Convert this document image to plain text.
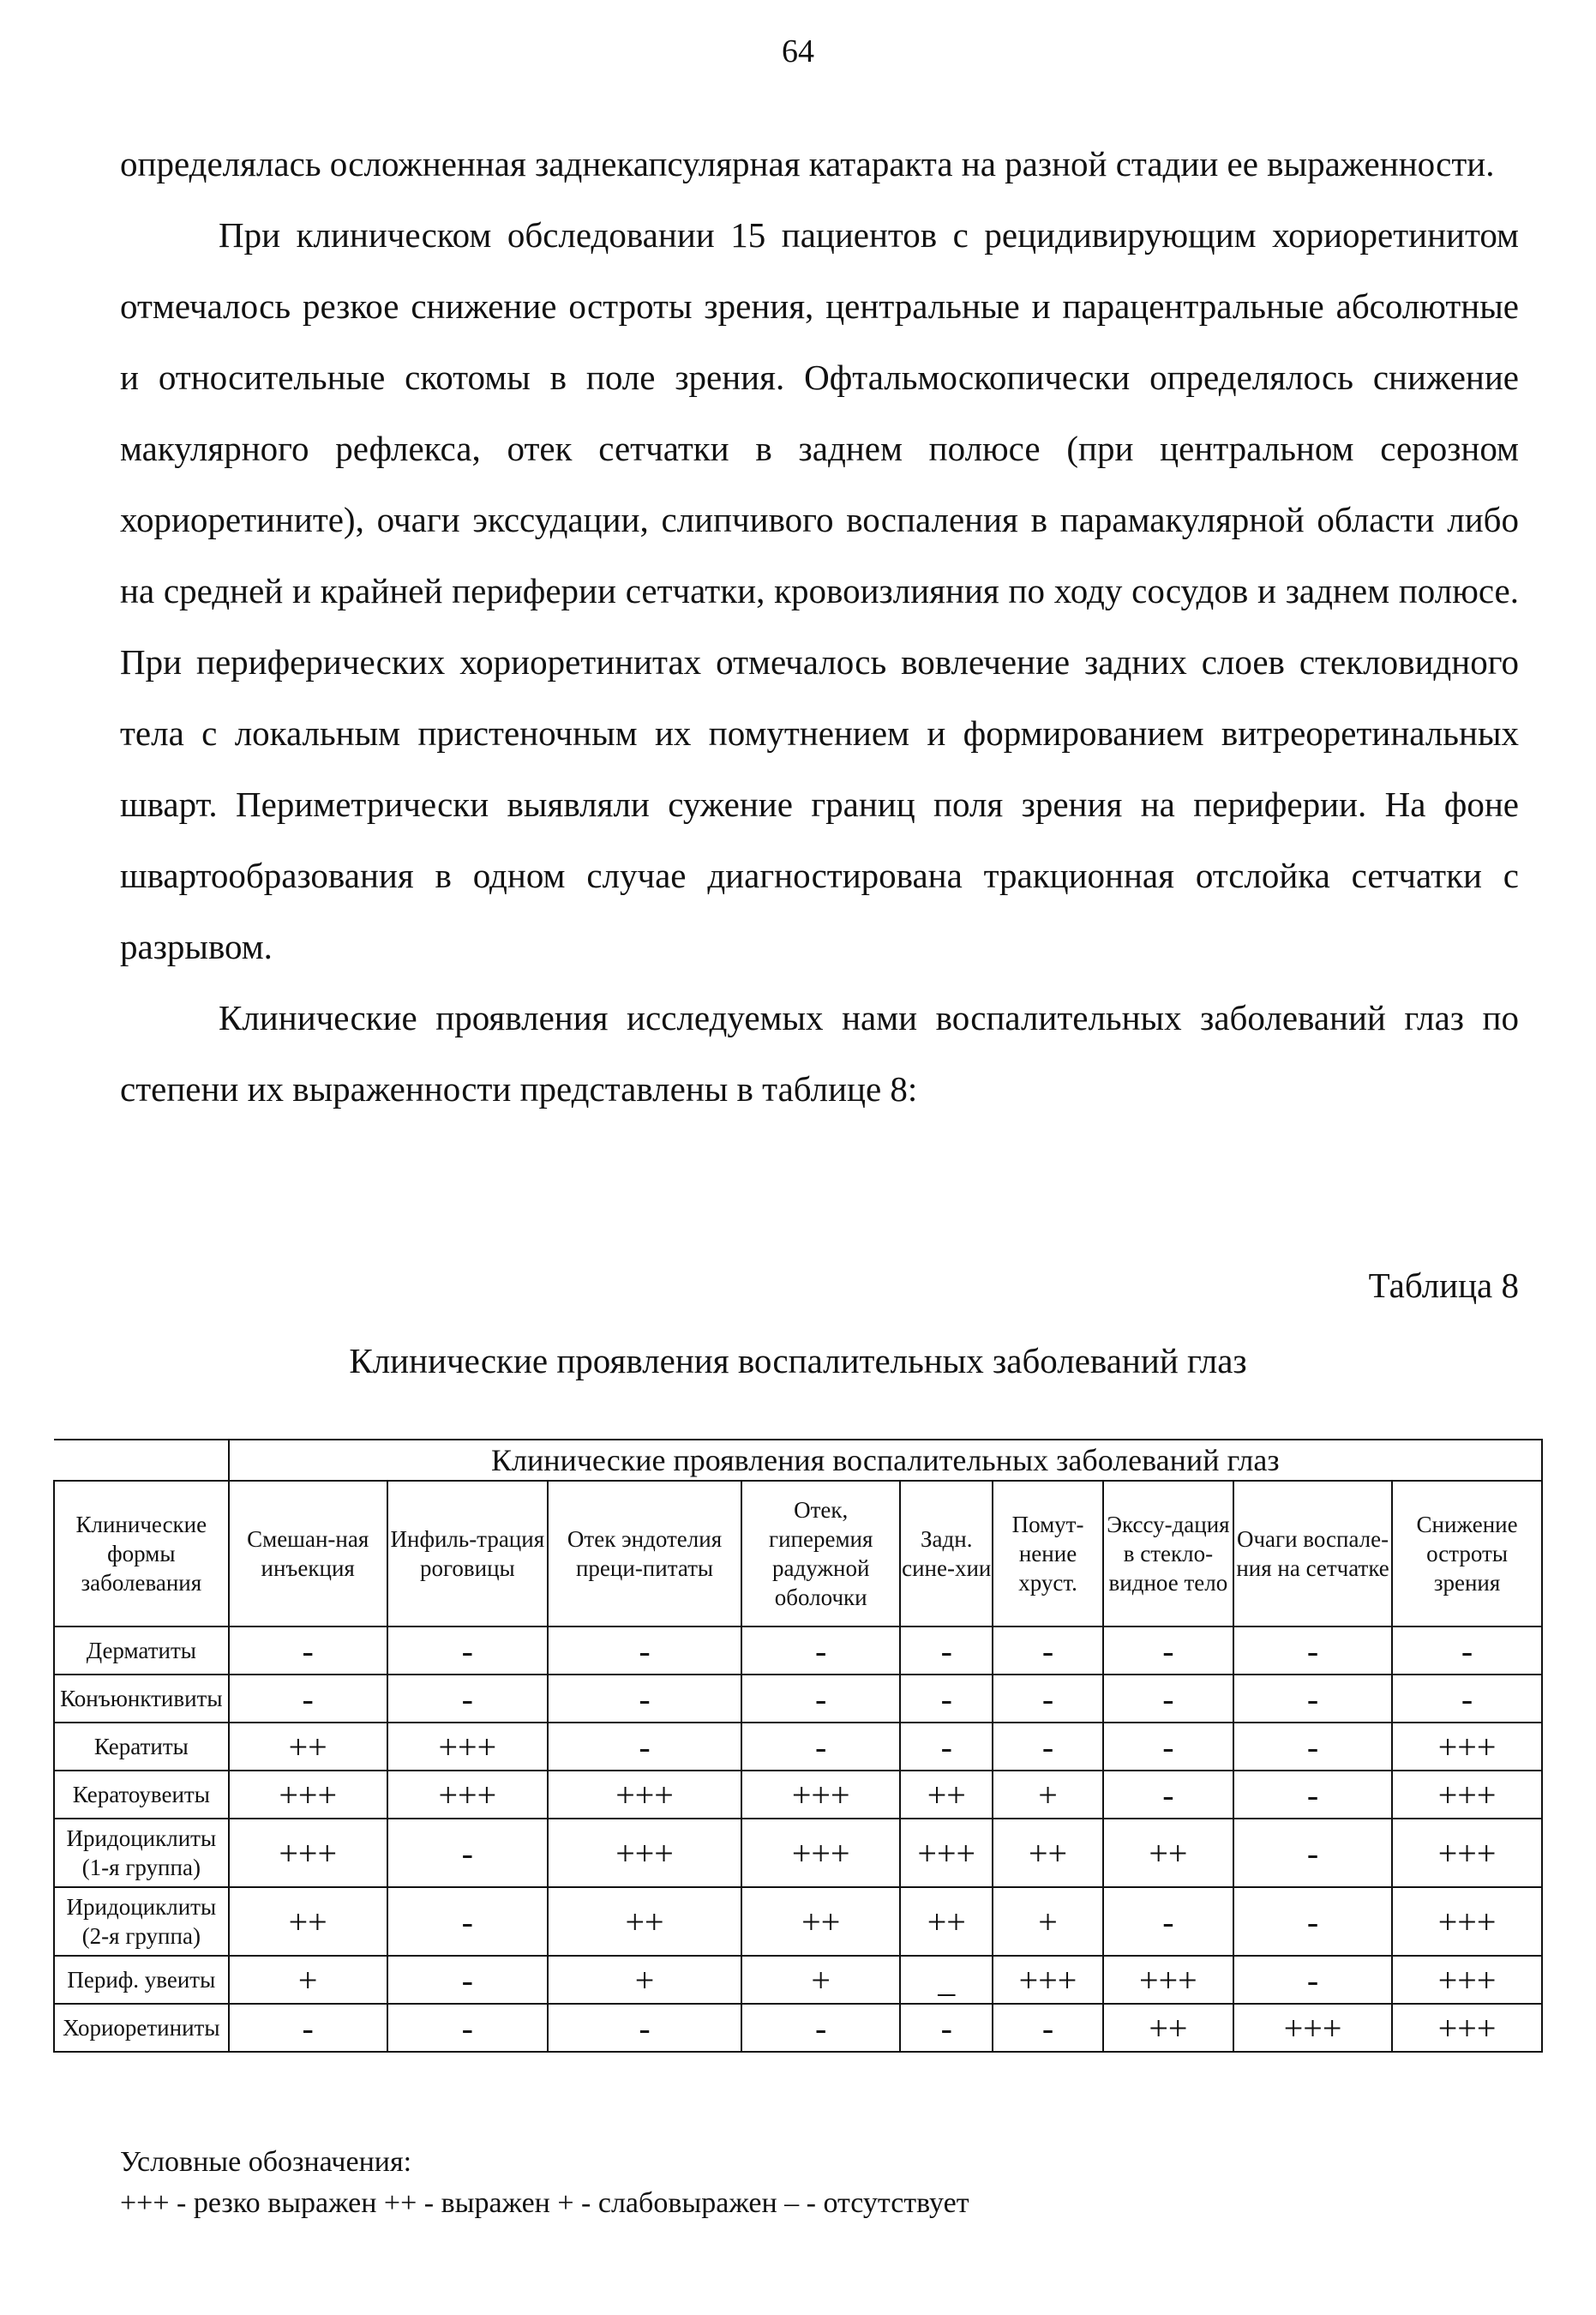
64

определялась осложненная заднекапсулярная катаракта на разной стадии ее выраженности.

При клиническом обследовании 15 пациентов с рецидивирующим хориоретинитом отмечалось резкое снижение остроты зрения, центральные и парацентральные абсолютные и относительные скотомы в поле зрения. Офтальмоскопически определялось снижение макулярного рефлекса, отек сетчатки в заднем полюсе (при центральном серозном хориоретините), очаги экссудации, слипчивого воспаления в парамакулярной области либо на средней и крайней периферии сетчатки, кровоизлияния по ходу сосудов и заднем полюсе. При периферических хориоретинитах отмечалось вовлечение задних слоев стекловидного тела с локальным пристеночным их помутнением и формированием витреоретинальных шварт. Периметрически выявляли сужение границ поля зрения на периферии. На фоне швартообразования в одном случае диагностирована тракционная отслойка сетчатки с разрывом.

Клинические проявления исследуемых нами воспалительных заболеваний глаз по степени их выраженности представлены в таблице 8:

Таблица 8
Клинические проявления воспалительных заболеваний глаз
	Клинические проявления воспалительных заболеваний глаз								
Клинические формы заболевания	Смешан-ная инъекция	Инфиль-трация роговицы	Отек эндотелия преци-питаты	Отек, гиперемия радужной оболочки	Задн. сине-хии	Помут-нение хруст.	Экссу-дация в стекло-видное тело	Очаги воспале-ния на сетчатке	Снижение остроты зрения
Дерматиты	-	-	-	-	-	-	-	-	-
Конъюнктивиты	-	-	-	-	-	-	-	-	-
Кератиты	++	+++	-	-	-	-	-	-	+++
Кератоувеиты	+++	+++	+++	+++	++	+	-	-	+++
Иридоциклиты (1-я группа)	+++	-	+++	+++	+++	++	++	-	+++
Иридоциклиты (2-я группа)	++	-	++	++	++	+	-	-	+++
Периф. увеиты	+	-	+	+	_	+++	+++	-	+++
Хориоретиниты	-	-	-	-	-	-	++	+++	+++
Условные обозначения:
+++ - резко выражен ++ - выражен + - слабовыражен – - отсутствует
